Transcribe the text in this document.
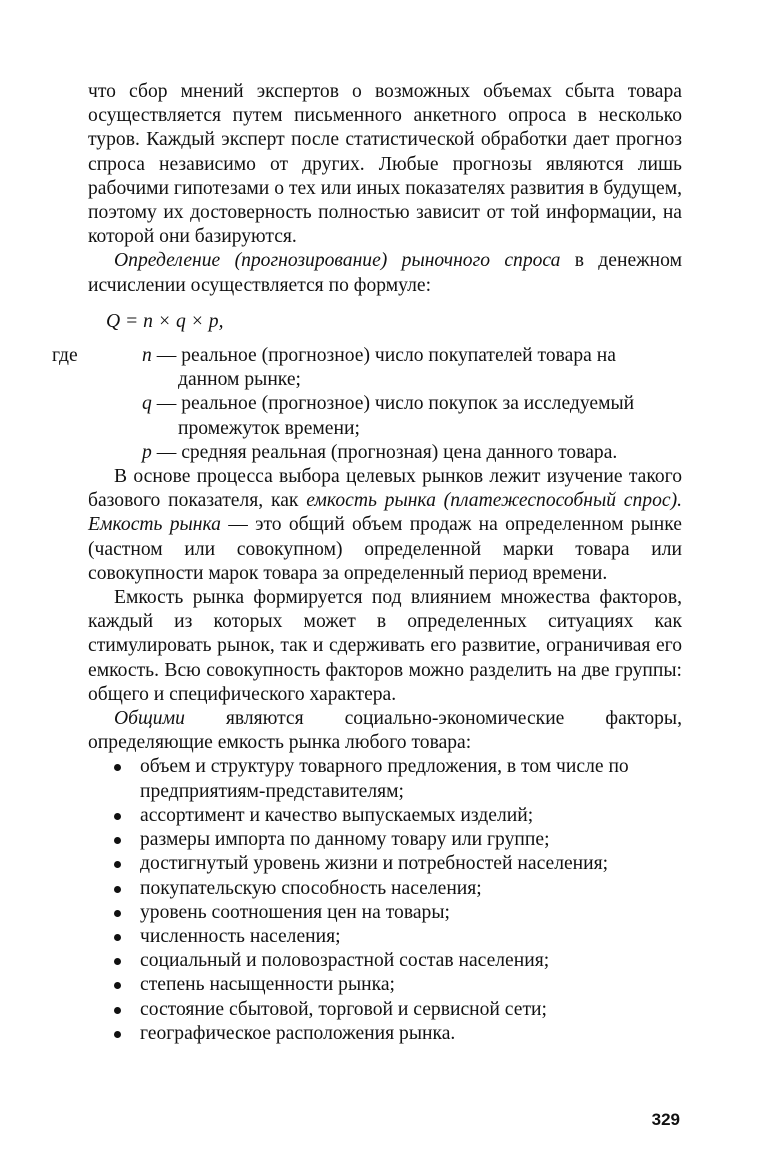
что сбор мнений экспертов о возможных объемах сбыта товара осуществляется путем письменного анкетного опроса в несколько туров. Каждый эксперт после статистической обработки дает прогноз спроса независимо от других. Любые прогнозы являются лишь рабочими гипотезами о тех или иных показателях развития в будущем, поэтому их достоверность полностью зависит от той информации, на которой они базируются.

Определение (прогнозирование) рыночного спроса в денежном исчислении осуществляется по формуле:

Q = n × q × p,
где	n — реальное (прогнозное) число покупателей товара на
данном рынке;
q — реальное (прогнозное) число покупок за исследуемый
промежуток времени;
p — средняя реальная (прогнозная) цена данного товара.

В основе процесса выбора целевых рынков лежит изучение такого базового показателя, как емкость рынка (платежеспособный спрос). Емкость рынка — это общий объем продаж на определенном рынке (частном или совокупном) определенной марки товара или совокупности марок товара за определенный период времени.

Емкость рынка формируется под влиянием множества факторов, каждый из которых может в определенных ситуациях как стимулировать рынок, так и сдерживать его развитие, ограничивая его емкость. Всю совокупность факторов можно разделить на две группы: общего и специфического характера.

Общими являются социально-экономические факторы, определяющие емкость рынка любого товара:

объем и структуру товарного предложения, в том числе по предприятиям-представителям;
ассортимент и качество выпускаемых изделий;
размеры импорта по данному товару или группе;
достигнутый уровень жизни и потребностей населения;
покупательскую способность населения;
уровень соотношения цен на товары;
численность населения;
социальный и половозрастной состав населения;
степень насыщенности рынка;
состояние сбытовой, торговой и сервисной сети;
географическое расположения рынка.
329
